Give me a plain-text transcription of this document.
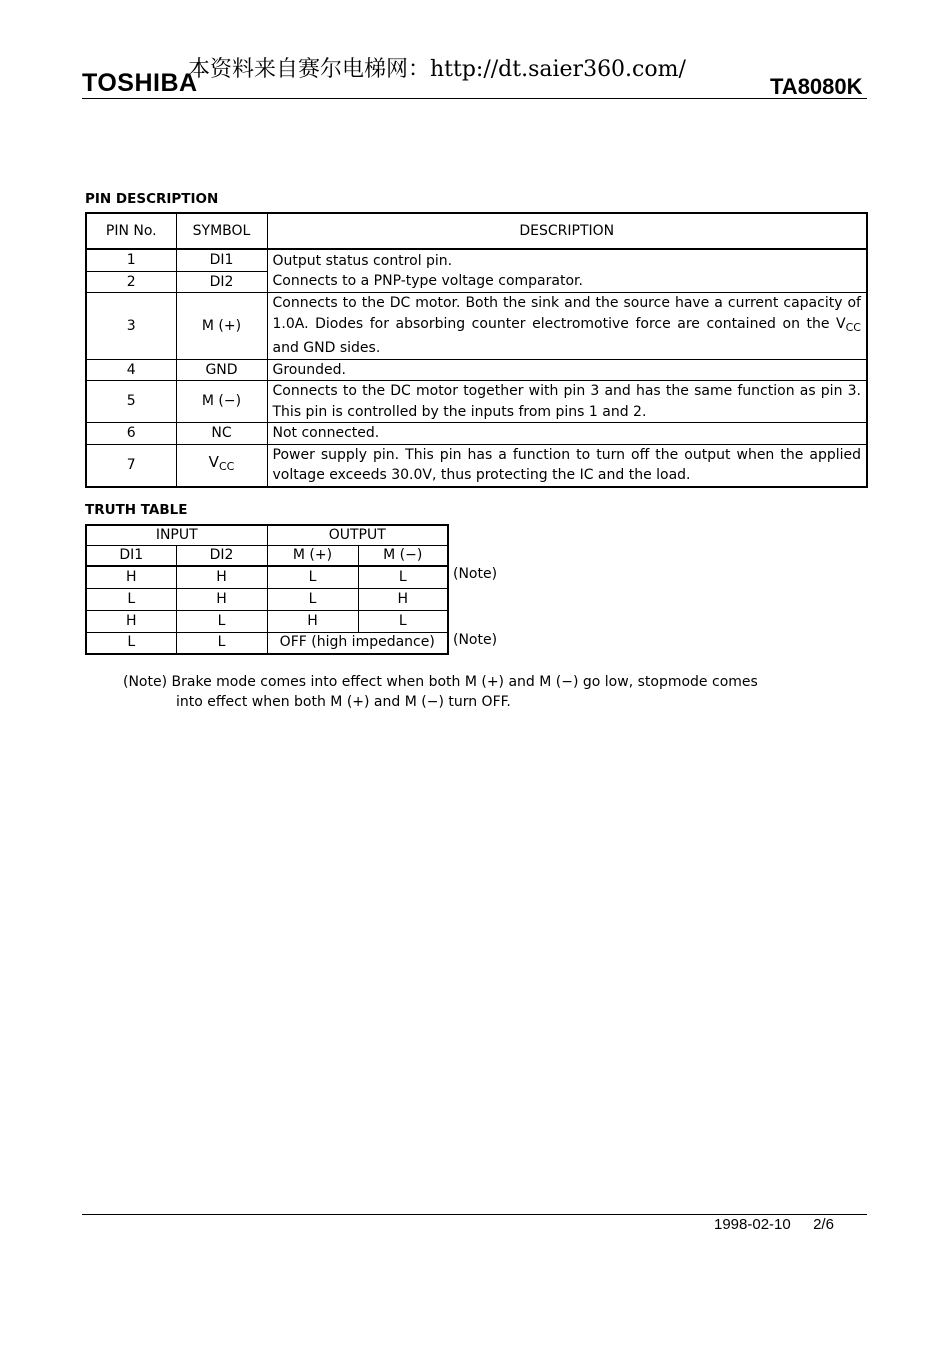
TOSHIBA
本资料来自赛尔电梯网：http://dt.saier360.com/
TA8080K
PIN DESCRIPTION
PIN No.	SYMBOL	DESCRIPTION
1	DI1	Output status control pin.
Connects to a PNP-type voltage comparator.

2	DI2	
3	M (+)	Connects to the DC motor. Both the sink and the source have a current capacity of 1.0A. Diodes for absorbing counter electromotive force are contained on the $V_{CC}$ and GND sides.
4	GND	Grounded.
5	M (−)	Connects to the DC motor together with pin 3 and has the same function as pin 3. This pin is controlled by the inputs from pins 1 and 2.
6	NC	Not connected.
7	$V_{CC}$	Power supply pin. This pin has a function to turn off the output when the applied voltage exceeds 30.0V, thus protecting the IC and the load.
TRUTH TABLE
INPUT		OUTPUT	
DI1	DI2	M (+)	M (−)
H	H	L	L
L	H	L	H
H	L	H	L
L	L	OFF (high impedance)	
(Note)
(Note)
(Note) Brake mode comes into effect when both M (+) and M (−) go low, stopmode comes
into effect when both M (+) and M (−) turn OFF.
1998-02-10 2/6
